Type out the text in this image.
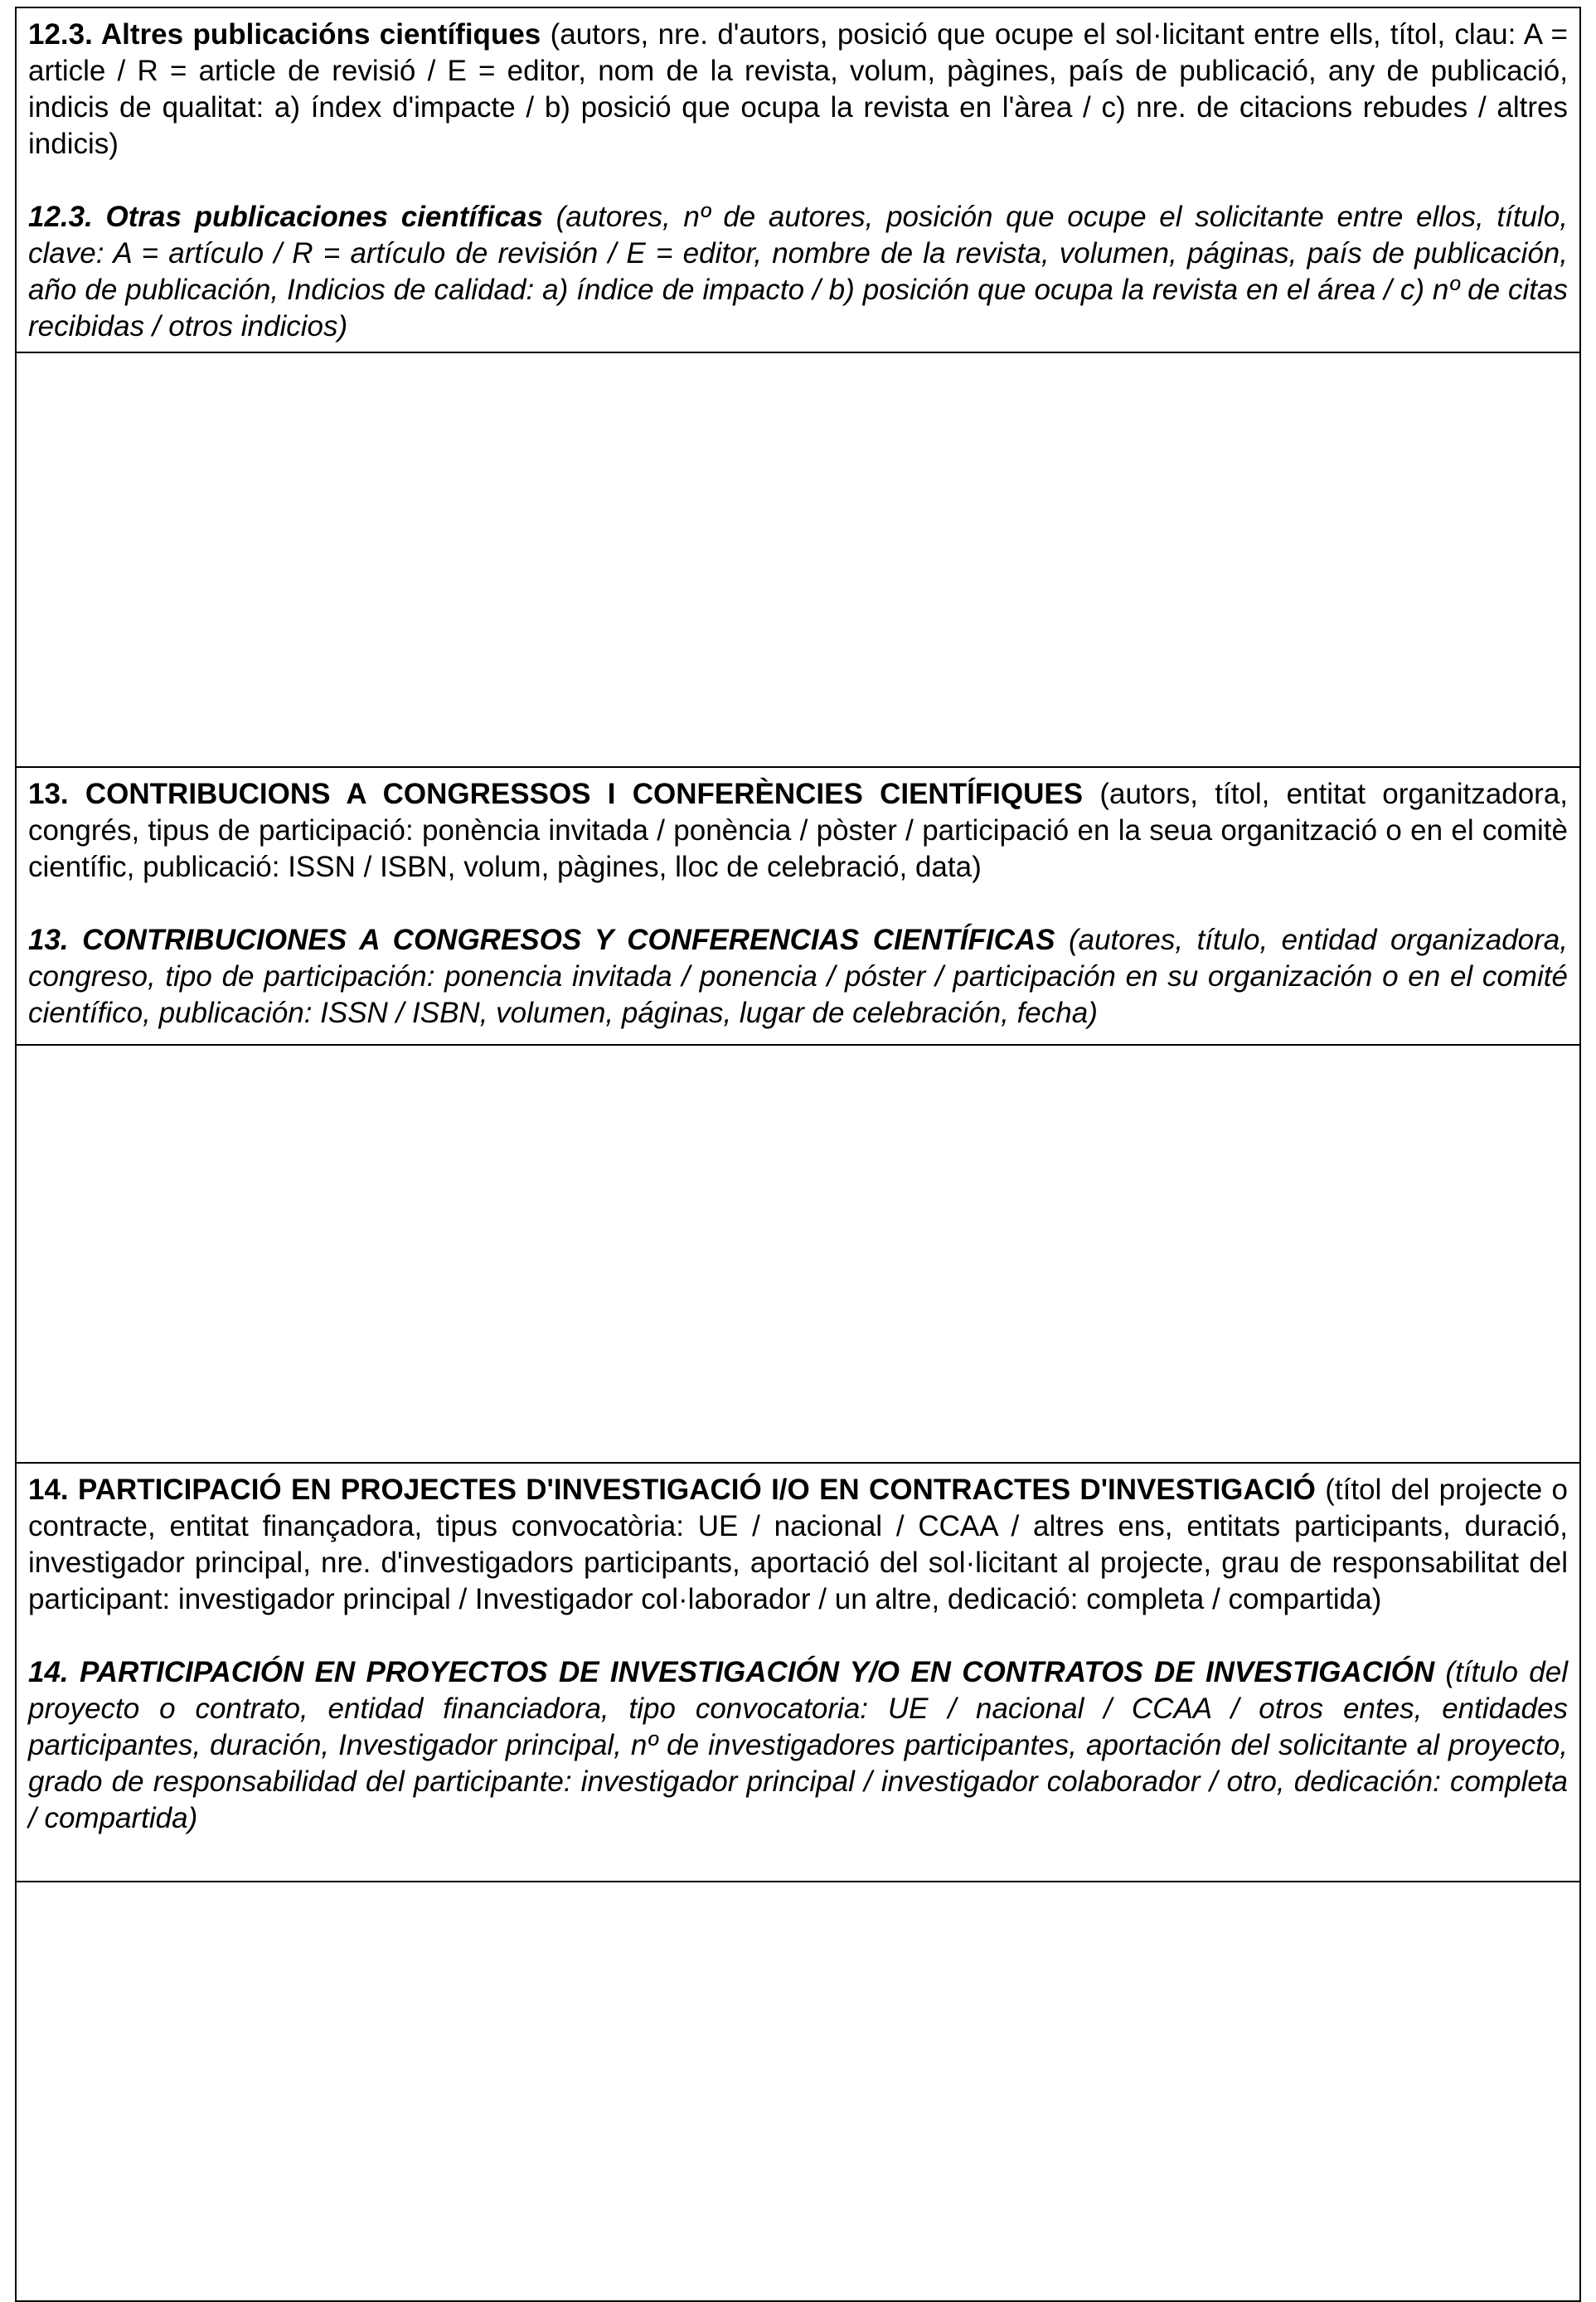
12.3. Altres publicacións científiques (autors, nre. d'autors, posició que ocupe el sol·licitant entre ells, títol, clau: A = article / R = article de revisió / E = editor, nom de la revista, volum, pàgines, país de publicació, any de publicació, indicis de qualitat: a) índex d'impacte / b) posició que ocupa la revista en l'àrea / c) nre. de citacions rebudes / altres indicis)

12.3. Otras publicaciones científicas (autores, nº de autores, posición que ocupe el solicitante entre ellos, título, clave: A = artículo / R = artículo de revisión / E = editor, nombre de la revista, volumen, páginas, país de publicación, año de publicación, Indicios de calidad: a) índice de impacto / b) posición que ocupa la revista en el área / c) nº de citas recibidas / otros indicios)

13. CONTRIBUCIONS A CONGRESSOS I CONFERÈNCIES CIENTÍFIQUES (autors, títol, entitat organitzadora, congrés, tipus de participació: ponència invitada / ponència / pòster / participació en la seua organització o en el comitè científic, publicació: ISSN / ISBN, volum, pàgines, lloc de celebració, data)

13. CONTRIBUCIONES A CONGRESOS Y CONFERENCIAS CIENTÍFICAS (autores, título, entidad organizadora, congreso, tipo de participación: ponencia invitada / ponencia / póster / participación en su organización o en el comité científico, publicación: ISSN / ISBN, volumen, páginas, lugar de celebración, fecha)

14. PARTICIPACIÓ EN PROJECTES D'INVESTIGACIÓ I/O EN CONTRACTES D'INVESTIGACIÓ (títol del projecte o contracte, entitat finançadora, tipus convocatòria: UE / nacional / CCAA / altres ens, entitats participants, duració, investigador principal, nre. d'investigadors participants, aportació del sol·licitant al projecte, grau de responsabilitat del participant: investigador principal / Investigador col·laborador / un altre, dedicació: completa / compartida)

14. PARTICIPACIÓN EN PROYECTOS DE INVESTIGACIÓN Y/O EN CONTRATOS DE INVESTIGACIÓN (título del proyecto o contrato, entidad financiadora, tipo convocatoria: UE / nacional / CCAA / otros entes, entidades participantes, duración, Investigador principal, nº de investigadores participantes, aportación del solicitante al proyecto, grado de responsabilidad del participante: investigador principal / investigador colaborador / otro, dedicación: completa / compartida)
